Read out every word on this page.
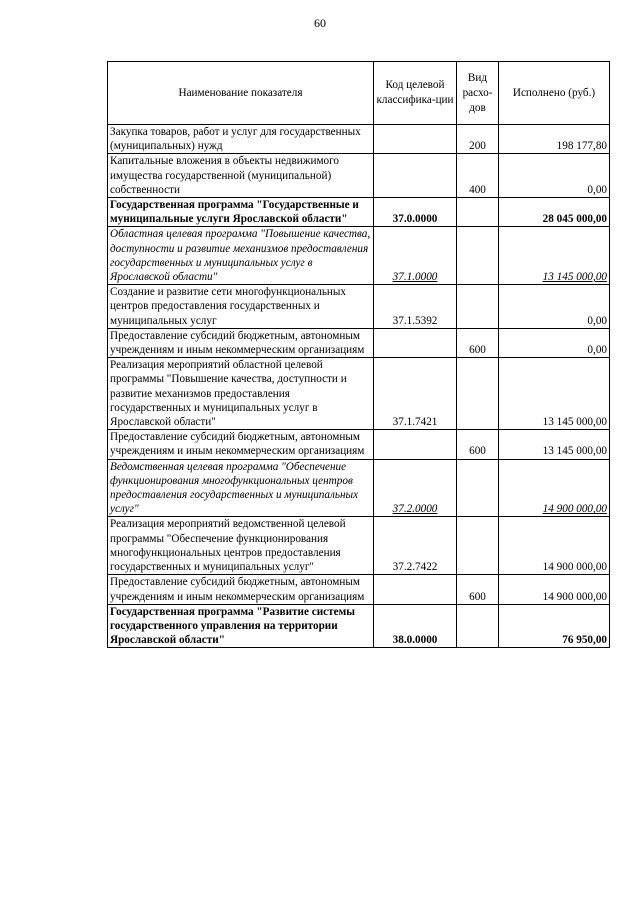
60
Наименование показателя	Код целевой классифика-ции	Вид расхо-дов	Исполнено (руб.)
Закупка товаров, работ и услуг для государственных (муниципальных) нужд		200	198 177,80
Капитальные вложения в объекты недвижимого имущества государственной (муниципальной) собственности		400	0,00
Государственная программа "Государственные и муниципальные услуги Ярославской области"	37.0.0000		28 045 000,00
Областная целевая программа "Повышение качества, доступности и развитие механизмов предоставления государственных и муниципальных услуг в Ярославской области"	37.1.0000		13 145 000,00
Создание и развитие сети многофункциональных центров предоставления государственных и муниципальных услуг	37.1.5392		0,00
Предоставление субсидий бюджетным, автономным учреждениям и иным некоммерческим организациям		600	0,00
Реализация мероприятий областной целевой программы "Повышение качества, доступности и развитие механизмов предоставления государственных и муниципальных услуг в Ярославской области"	37.1.7421		13 145 000,00
Предоставление субсидий бюджетным, автономным учреждениям и иным некоммерческим организациям		600	13 145 000,00
Ведомственная целевая программа "Обеспечение функционирования многофункциональных центров предоставления государственных и муниципальных услуг"	37.2.0000		14 900 000,00
Реализация мероприятий ведомственной целевой программы "Обеспечение функционирования многофункциональных центров предоставления государственных и муниципальных услуг"	37.2.7422		14 900 000,00
Предоставление субсидий бюджетным, автономным учреждениям и иным некоммерческим организациям		600	14 900 000,00
Государственная программа "Развитие системы государственного управления на территории Ярославской области"	38.0.0000		76 950,00
